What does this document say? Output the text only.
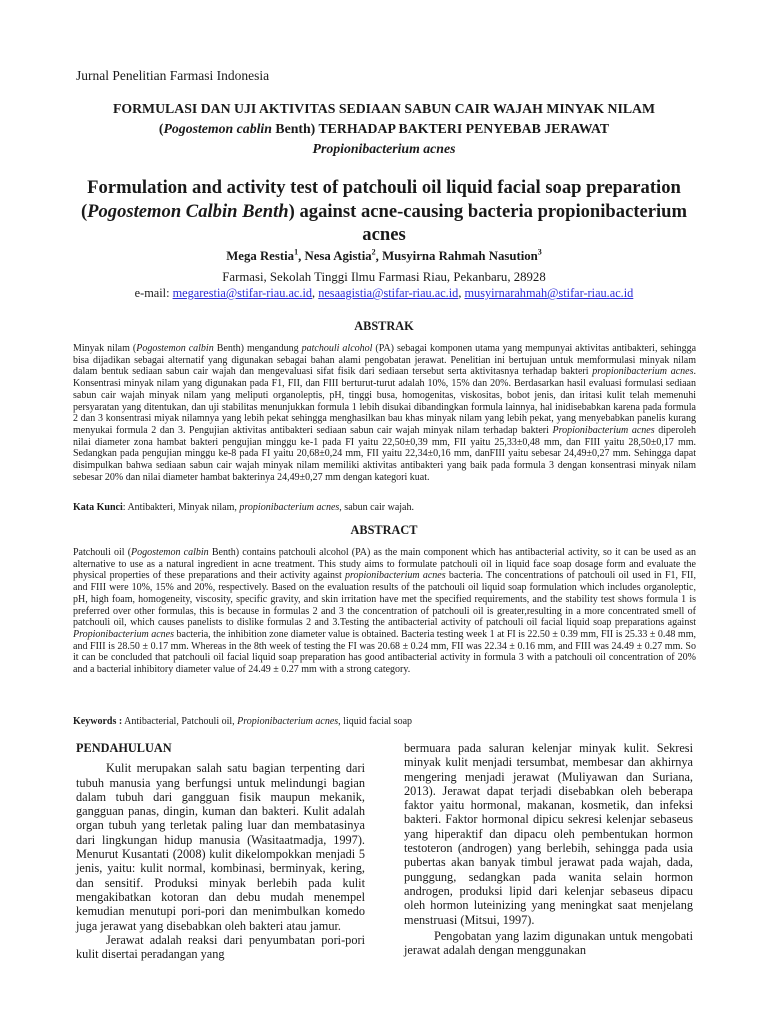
Jurnal Penelitian Farmasi Indonesia
FORMULASI DAN UJI AKTIVITAS SEDIAAN SABUN CAIR WAJAH MINYAK NILAM
(Pogostemon cablin Benth) TERHADAP BAKTERI PENYEBAB JERAWAT
Propionibacterium acnes
Formulation and activity test of patchouli oil liquid facial soap preparation (Pogostemon Calbin Benth) against acne-causing bacteria propionibacterium acnes
Mega Restia$^1$, Nesa Agistia$^2$, Musyirna Rahmah Nasution$^3$
Farmasi, Sekolah Tinggi Ilmu Farmasi Riau, Pekanbaru, 28928
e-mail: megarestia@stifar-riau.ac.id, nesaagistia@stifar-riau.ac.id, musyirnarahmah@stifar-riau.ac.id
ABSTRAK
Minyak nilam (Pogostemon calbin Benth) mengandung patchouli alcohol (PA) sebagai komponen utama yang mempunyai aktivitas antibakteri, sehingga bisa dijadikan sebagai alternatif yang digunakan sebagai bahan alami pengobatan jerawat. Penelitian ini bertujuan untuk memformulasi minyak nilam dalam bentuk sediaan sabun cair wajah dan mengevaluasi sifat fisik dari sediaan tersebut serta aktivitasnya terhadap bakteri propionibacterium acnes. Konsentrasi minyak nilam yang digunakan pada F1, FII, dan FIII berturut-turut adalah 10%, 15% dan 20%. Berdasarkan hasil evaluasi formulasi sediaan sabun cair wajah minyak nilam yang meliputi organoleptis, pH, tinggi busa, homogenitas, viskositas, bobot jenis, dan iritasi kulit telah memenuhi persyaratan yang ditentukan, dan uji stabilitas menunjukkan formula 1 lebih disukai dibandingkan formula lainnya, hal inidisebabkan karena pada formula 2 dan 3 konsentrasi miyak nilamnya yang lebih pekat sehingga menghasilkan bau khas minyak nilam yang lebih pekat, yang menyebabkan panelis kurang menyukai formula 2 dan 3. Pengujian aktivitas antibakteri sediaan sabun cair wajah minyak nilam terhadap bakteri Propionibacterium acnes diperoleh nilai diameter zona hambat bakteri pengujian minggu ke-1 pada FI yaitu 22,50±0,39 mm, FII yaitu 25,33±0,48 mm, dan FIII yaitu 28,50±0,17 mm. Sedangkan pada pengujian minggu ke-8 pada FI yaitu 20,68±0,24 mm, FII yaitu 22,34±0,16 mm, danFIII yaitu sebesar 24,49±0,27 mm. Sehingga dapat disimpulkan bahwa sediaan sabun cair wajah minyak nilam memiliki aktivitas antibakteri yang baik pada formula 3 dengan konsentrasi minyak nilam sebesar 20% dan nilai diameter hambat bakterinya 24,49±0,27 mm dengan kategori kuat.
Kata Kunci: Antibakteri, Minyak nilam, propionibacterium acnes, sabun cair wajah.
ABSTRACT
Patchouli oil (Pogostemon calbin Benth) contains patchouli alcohol (PA) as the main component which has antibacterial activity, so it can be used as an alternative to use as a natural ingredient in acne treatment. This study aims to formulate patchouli oil in liquid face soap dosage form and evaluate the physical properties of these preparations and their activity against propionibacterium acnes bacteria. The concentrations of patchouli oil used in F1, FII, and FIII were 10%, 15% and 20%, respectively. Based on the evaluation results of the patchouli oil liquid soap formulation which includes organoleptic, pH, high foam, homogeneity, viscosity, specific gravity, and skin irritation have met the specified requirements, and the stability test shows formula 1 is preferred over other formulas, this is because in formulas 2 and 3 the concentration of patchouli oil is greater,resulting in a more concentrated smell of patchouli oil, which causes panelists to dislike formulas 2 and 3.Testing the antibacterial activity of patchouli oil facial liquid soap preparations against Propionibacterium acnes bacteria, the inhibition zone diameter value is obtained. Bacteria testing week 1 at FI is 22.50 ± 0.39 mm, FII is 25.33 ± 0.48 mm, and FIII is 28.50 ± 0.17 mm. Whereas in the 8th week of testing the FI was 20.68 ± 0.24 mm, FII was 22.34 ± 0.16 mm, and FIII was 24.49 ± 0.27 mm. So it can be concluded that patchouli oil facial liquid soap preparation has good antibacterial activity in formula 3 with a patchouli oil concentration of 20% and a bacterial inhibitory diameter value of 24.49 ± 0.27 mm with a strong category.
Keywords : Antibacterial, Patchouli oil, Propionibacterium acnes, liquid facial soap
PENDAHULUAN

Kulit merupakan salah satu bagian terpenting dari tubuh manusia yang berfungsi untuk melindungi bagian dalam tubuh dari gangguan fisik maupun mekanik, gangguan panas, dingin, kuman dan bakteri. Kulit adalah organ tubuh yang terletak paling luar dan membatasinya dari lingkungan hidup manusia (Wasitaatmadja, 1997). Menurut Kusantati (2008) kulit dikelompokkan menjadi 5 jenis, yaitu: kulit normal, kombinasi, berminyak, kering, dan sensitif. Produksi minyak berlebih pada kulit mengakibatkan kotoran dan debu mudah menempel kemudian menutupi pori-pori dan menimbulkan komedo juga jerawat yang disebabkan oleh bakteri atau jamur.

Jerawat adalah reaksi dari penyumbatan pori-pori kulit disertai peradangan yang

bermuara pada saluran kelenjar minyak kulit. Sekresi minyak kulit menjadi tersumbat, membesar dan akhirnya mengering menjadi jerawat (Muliyawan dan Suriana, 2013). Jerawat dapat terjadi disebabkan oleh beberapa faktor yaitu hormonal, makanan, kosmetik, dan infeksi bakteri. Faktor hormonal dipicu sekresi kelenjar sebaseus yang hiperaktif dan dipacu oleh pembentukan hormon testoteron (androgen) yang berlebih, sehingga pada usia pubertas akan banyak timbul jerawat pada wajah, dada, punggung, sedangkan pada wanita selain hormon androgen, produksi lipid dari kelenjar sebaseus dipacu oleh hormon luteinizing yang meningkat saat menjelang menstruasi (Mitsui, 1997).

Pengobatan yang lazim digunakan untuk mengobati jerawat adalah dengan menggunakan
